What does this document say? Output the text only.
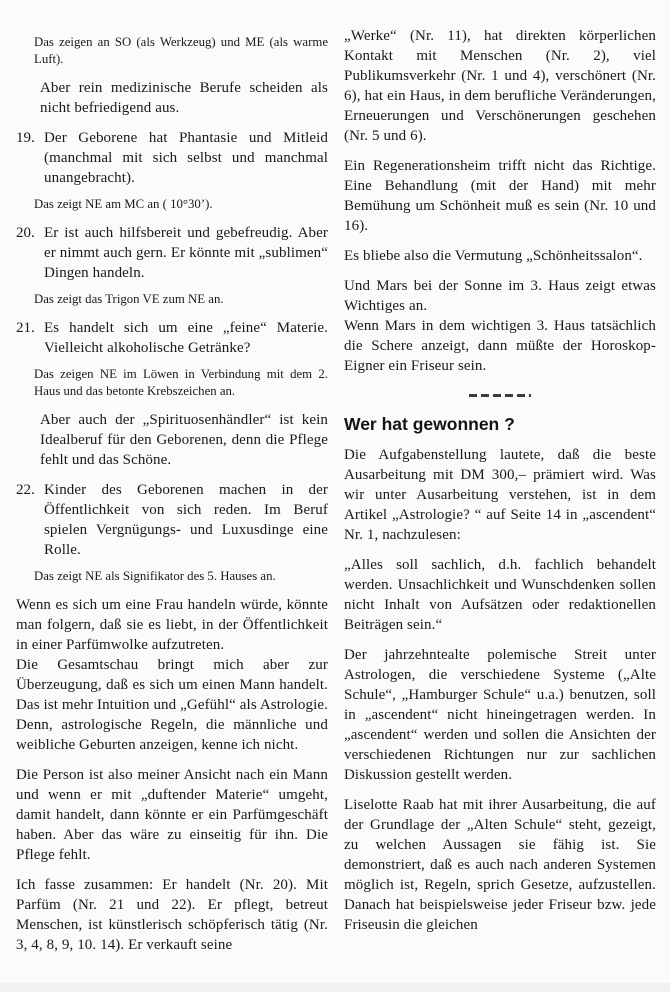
Das zeigen an SO (als Werkzeug) und ME (als warme Luft).

Aber rein medizinische Berufe scheiden als nicht befriedigend aus.

19. Der Geborene hat Phantasie und Mitleid (manchmal mit sich selbst und manchmal unangebracht).

Das zeigt NE am MC an ( 10°30’).

20. Er ist auch hilfsbereit und gebefreudig. Aber er nimmt auch gern. Er könnte mit „sublimen“ Dingen handeln.

Das zeigt das Trigon VE zum NE an.

21. Es handelt sich um eine „feine“ Materie. Vielleicht alkoholische Getränke?

Das zeigen NE im Löwen in Verbindung mit dem 2. Haus und das betonte Krebszeichen an.

Aber auch der „Spirituosenhändler“ ist kein Idealberuf für den Geborenen, denn die Pflege fehlt und das Schöne.

22. Kinder des Geborenen machen in der Öffentlichkeit von sich reden. Im Beruf spielen Vergnügungs- und Luxusdinge eine Rolle.

Das zeigt NE als Signifikator des 5. Hauses an.

Wenn es sich um eine Frau handeln würde, könnte man folgern, daß sie es liebt, in der Öffentlichkeit in einer Parfümwolke aufzutreten.

Die Gesamtschau bringt mich aber zur Überzeugung, daß es sich um einen Mann handelt. Das ist mehr Intuition und „Gefühl“ als Astrologie. Denn, astrologische Regeln, die männliche und weibliche Geburten anzeigen, kenne ich nicht.

Die Person ist also meiner Ansicht nach ein Mann und wenn er mit „duftender Materie“ umgeht, damit handelt, dann könnte er ein Parfümgeschäft haben. Aber das wäre zu einseitig für ihn. Die Pflege fehlt.

Ich fasse zusammen: Er handelt (Nr. 20). Mit Parfüm (Nr. 21 und 22). Er pflegt, betreut Menschen, ist künstlerisch schöpferisch tätig (Nr. 3, 4, 8, 9, 10. 14). Er verkauft seine

„Werke“ (Nr. 11), hat direkten körperlichen Kontakt mit Menschen (Nr. 2), viel Publikumsverkehr (Nr. 1 und 4), verschönert (Nr. 6), hat ein Haus, in dem berufliche Veränderungen, Erneuerungen und Verschönerungen geschehen (Nr. 5 und 6).

Ein Regenerationsheim trifft nicht das Richtige. Eine Behandlung (mit der Hand) mit mehr Bemühung um Schönheit muß es sein (Nr. 10 und 16).

Es bliebe also die Vermutung „Schönheitssalon“.

Und Mars bei der Sonne im 3. Haus zeigt etwas Wichtiges an.

Wenn Mars in dem wichtigen 3. Haus tatsächlich die Schere anzeigt, dann müßte der Horoskop-Eigner ein Friseur sein.

Wer hat gewonnen ?

Die Aufgabenstellung lautete, daß die beste Ausarbeitung mit DM 300,– prämiert wird. Was wir unter Ausarbeitung verstehen, ist in dem Artikel „Astrologie? “ auf Seite 14 in „ascendent“ Nr. 1, nachzulesen:

„Alles soll sachlich, d.h. fachlich behandelt werden. Unsachlichkeit und Wunschdenken sollen nicht Inhalt von Aufsätzen oder redaktionellen Beiträgen sein.“

Der jahrzehntealte polemische Streit unter Astrologen, die verschiedene Systeme („Alte Schule“, „Hamburger Schule“ u.a.) benutzen, soll in „ascendent“ nicht hineingetragen werden. In „ascendent“ werden und sollen die Ansichten der verschiedenen Richtungen nur zur sachlichen Diskussion gestellt werden.

Liselotte Raab hat mit ihrer Ausarbeitung, die auf der Grundlage der „Alten Schule“ steht, gezeigt, zu welchen Aussagen sie fähig ist. Sie demonstriert, daß es auch nach anderen Systemen möglich ist, Regeln, sprich Gesetze, aufzustellen. Danach hat beispielsweise jeder Friseur bzw. jede Friseusin die gleichen
